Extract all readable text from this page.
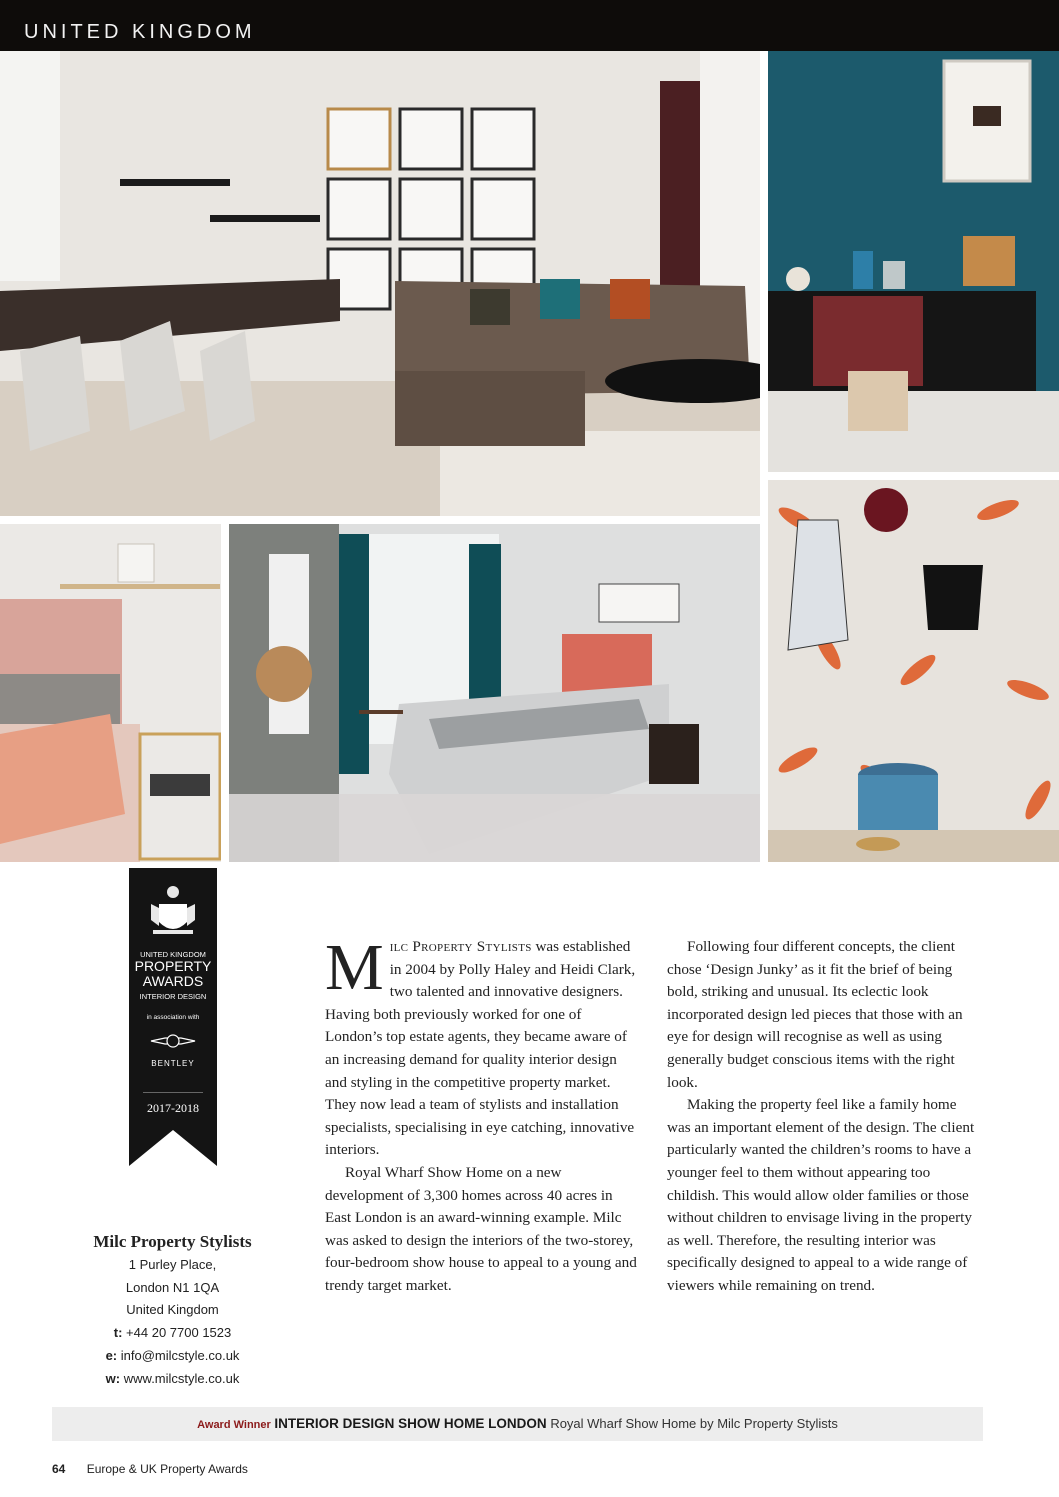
UNITED KINGDOM
UNITED KINGDOM
PROPERTY
AWARDS
INTERIOR DESIGN
in association with
BENTLEY
2017-2018
Milc Property Stylists
1 Purley Place,
London N1 1QA
United Kingdom
t: +44 20 7700 1523
e: info@milcstyle.co.uk
w: www.milcstyle.co.uk

Milc Property Stylists was established in 2004 by Polly Haley and Heidi Clark, two talented and innovative designers. Having both previously worked for one of London’s top estate agents, they became aware of an increasing demand for quality interior design and styling in the competitive property market. They now lead a team of stylists and installation specialists, specialising in eye catching, innovative interiors.

Royal Wharf Show Home on a new development of 3,300 homes across 40 acres in East London is an award-winning example. Milc was asked to design the interiors of the two-storey, four-bedroom show house to appeal to a young and trendy target market.

Following four different concepts, the client chose ‘Design Junky’ as it fit the brief of being bold, striking and unusual. Its eclectic look incorporated design led pieces that those with an eye for design will recognise as well as using generally budget conscious items with the right look.

Making the property feel like a family home was an important element of the design. The client particularly wanted the children’s rooms to have a younger feel to them without appearing too childish. This would allow older families or those without children to envisage living in the property as well. Therefore, the resulting interior was specifically designed to appeal to a wide range of viewers while remaining on trend.

Award Winner INTERIOR DESIGN SHOW HOME LONDON Royal Wharf Show Home by Milc Property Stylists
64 Europe & UK Property Awards
